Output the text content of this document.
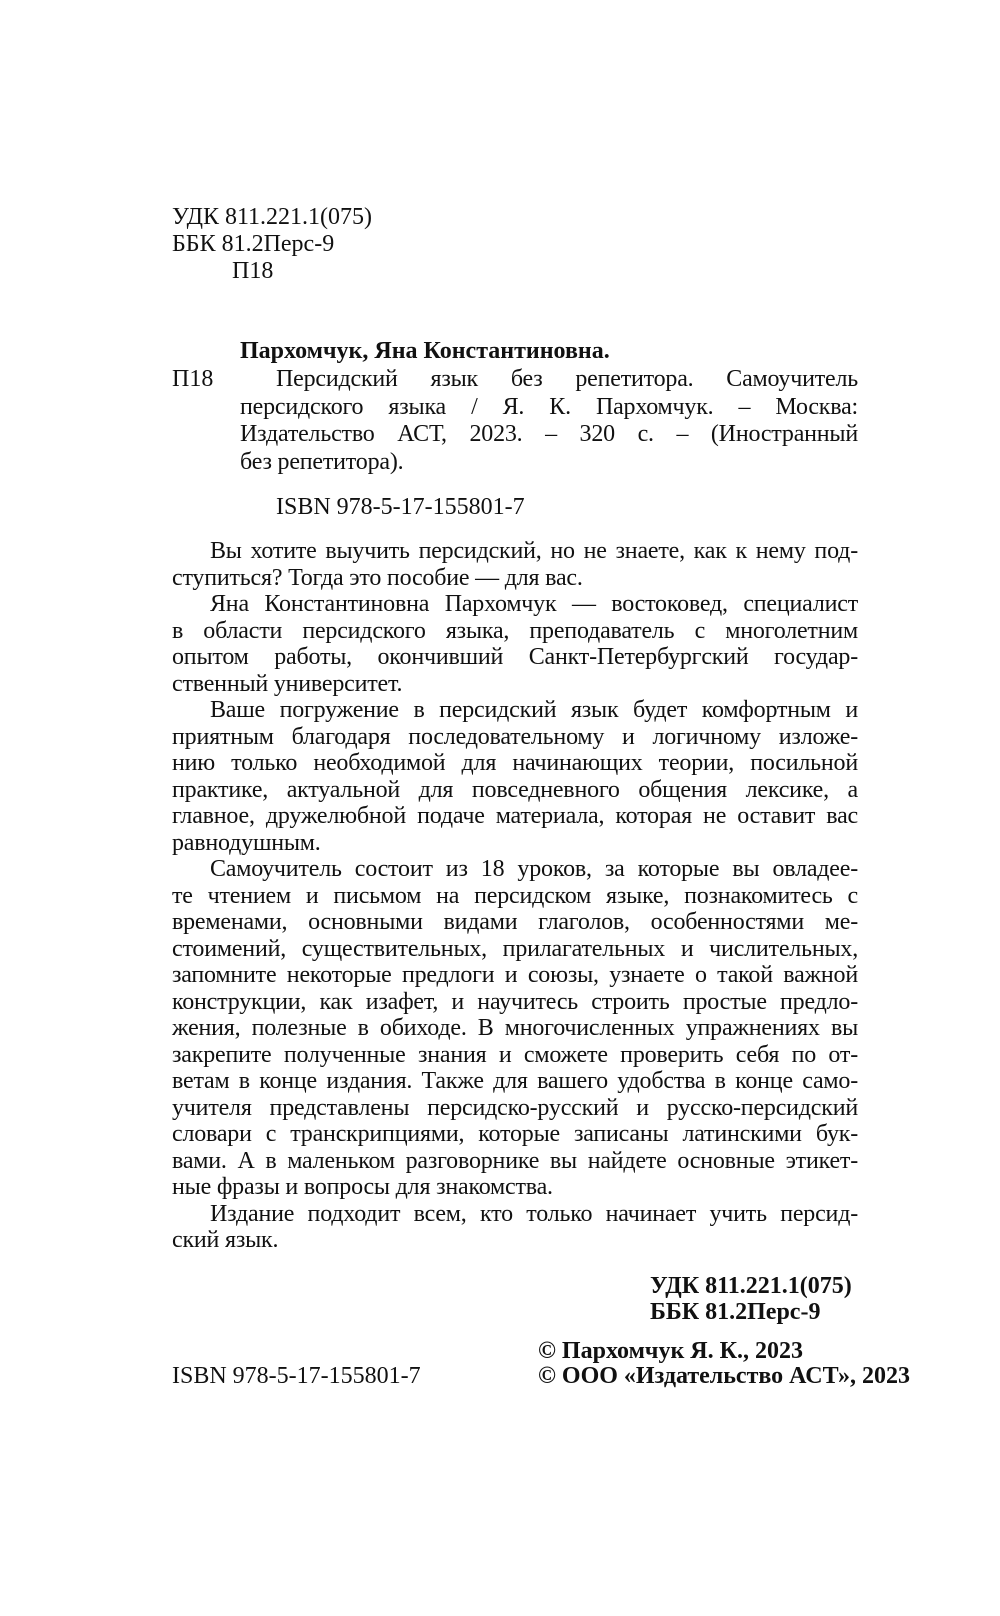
УДК 811.221.1(075)
ББК 81.2Перс-9
П18
Пархомчук, Яна Константиновна.
П18	Персидский язык без репетитора. Самоучитель
персидского языка / Я. К. Пархомчук. – Москва:
Издательство АСТ, 2023. – 320 с. – (Иностранный
без репетитора).
ISBN 978-5-17-155801-7
Вы хотите выучить персидский, но не знаете, как к нему под-
ступиться? Тогда это пособие — для вас.
Яна Константиновна Пархомчук — востоковед, специалист
в области персидского языка, преподаватель с многолетним
опытом работы, окончивший Санкт-Петербургский государ-
ственный университет.
Ваше погружение в персидский язык будет комфортным и
приятным благодаря последовательному и логичному изложе-
нию только необходимой для начинающих теории, посильной
практике, актуальной для повседневного общения лексике, а
главное, дружелюбной подаче материала, которая не оставит вас
равнодушным.
Самоучитель состоит из 18 уроков, за которые вы овладее-
те чтением и письмом на персидском языке, познакомитесь с
временами, основными видами глаголов, особенностями ме-
стоимений, существительных, прилагательных и числительных,
запомните некоторые предлоги и союзы, узнаете о такой важной
конструкции, как изафет, и научитесь строить простые предло-
жения, полезные в обиходе. В многочисленных упражнениях вы
закрепите полученные знания и сможете проверить себя по от-
ветам в конце издания. Также для вашего удобства в конце само-
учителя представлены персидско-русский и русско-персидский
словари с транскрипциями, которые записаны латинскими бук-
вами. А в маленьком разговорнике вы найдете основные этикет-
ные фразы и вопросы для знакомства.
Издание подходит всем, кто только начинает учить персид-
ский язык.
УДК 811.221.1(075)
ББК 81.2Перс-9
© Пархомчук Я. К., 2023
© ООО «Издательство АСТ», 2023
ISBN 978-5-17-155801-7
